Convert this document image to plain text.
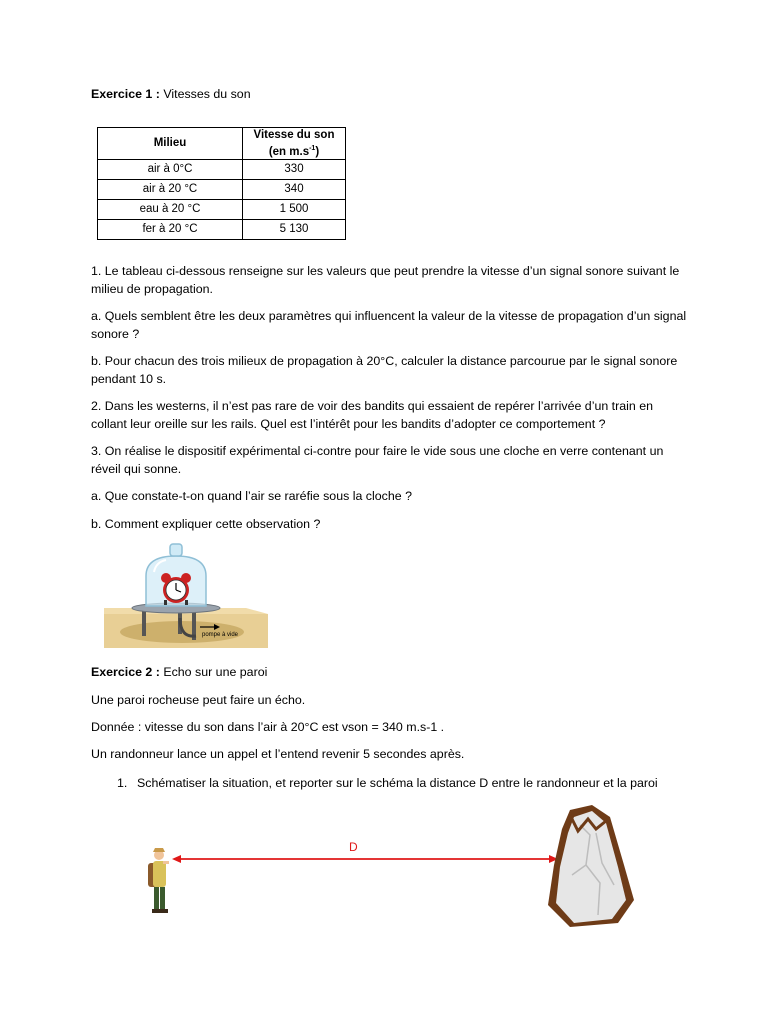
Exercice 1 : Vitesses du son

Milieu	Vitesse du son
(en $m.s^{-1}$)
air à 0°C	330
air à 20 °C	340
eau à 20 °C	1 500
fer à 20 °C	5 130

1. Le tableau ci-dessous renseigne sur les valeurs que peut prendre la vitesse d’un signal sonore suivant le milieu de propagation.

a. Quels semblent être les deux paramètres qui influencent la valeur de la vitesse de propagation d’un signal sonore ?

b. Pour chacun des trois milieux de propagation à 20°C, calculer la distance parcourue par le signal sonore pendant 10 s.

2. Dans les westerns, il n’est pas rare de voir des bandits qui essaient de repérer l’arrivée d’un train en collant leur oreille sur les rails. Quel est l’intérêt pour les bandits d’adopter ce comportement ?

3. On réalise le dispositif expérimental ci-contre pour faire le vide sous une cloche en verre contenant un réveil qui sonne.

a. Que constate-t-on quand l’air se raréfie sous la cloche ?

b. Comment expliquer cette observation ?

pompe à vide

Exercice 2 : Echo sur une paroi

Une paroi rocheuse peut faire un écho.

Donnée : vitesse du son dans l’air à 20°C est vson = 340 m.s-1 .

Un randonneur lance un appel et l’entend revenir 5 secondes après.

1. Schématiser la situation, et reporter sur le schéma la distance D entre le randonneur et la paroi
D
